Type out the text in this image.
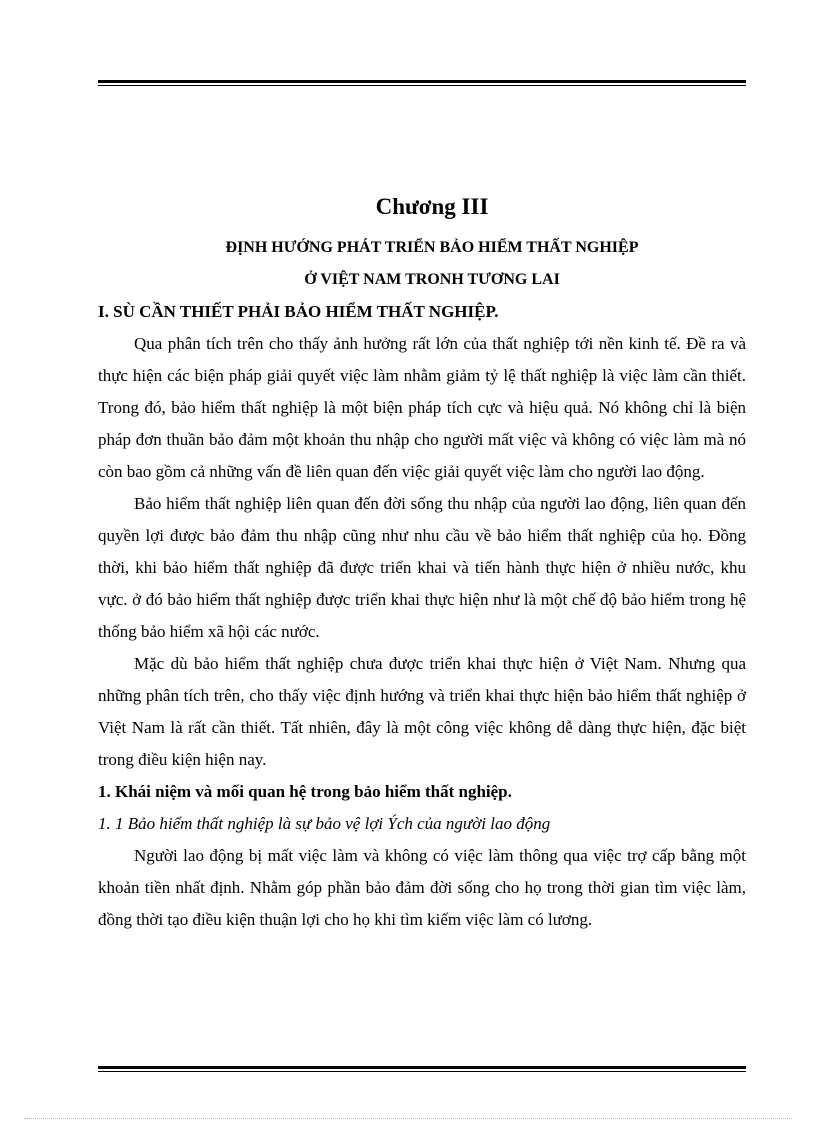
Chương III
ĐỊNH HƯỚNG PHÁT TRIỂN BẢO HIỂM THẤT NGHIỆP
Ở VIỆT NAM TRONH TƯƠNG LAI
I. SÙ CẦN THIẾT PHẢI BẢO HIỂM THẤT NGHIỆP.

Qua phân tích trên cho thấy ảnh hưởng rất lớn của thất nghiệp tới nền kinh tế. Đề ra và thực hiện các biện pháp giải quyết việc làm nhằm giảm tỷ lệ thất nghiệp là việc làm cần thiết. Trong đó, bảo hiểm thất nghiệp là một biện pháp tích cực và hiệu quả. Nó không chỉ là biện pháp đơn thuần bảo đảm một khoản thu nhập cho người mất việc và không có việc làm mà nó còn bao gồm cả những vấn đề liên quan đến việc giải quyết việc làm cho người lao động.

Bảo hiểm thất nghiệp liên quan đến đời sống thu nhập của người lao động, liên quan đến quyền lợi được bảo đảm thu nhập cũng như nhu cầu về bảo hiểm thất nghiệp của họ. Đồng thời, khi bảo hiểm thất nghiệp đã được triển khai và tiến hành thực hiện ở nhiều nước, khu vực. ở đó bảo hiểm thất nghiệp được triển khai thực hiện như là một chế độ bảo hiểm trong hệ thống bảo hiểm xã hội các nước.

Mặc dù bảo hiểm thất nghiệp chưa được triển khai thực hiện ở Việt Nam. Nhưng qua những phân tích trên, cho thấy việc định hướng và triển khai thực hiện bảo hiểm thất nghiệp ở Việt Nam là rất cần thiết. Tất nhiên, đây là một công việc không dễ dàng thực hiện, đặc biệt trong điều kiện hiện nay.

1. Khái niệm và mối quan hệ trong bảo hiểm thất nghiệp.
1. 1 Bảo hiểm thất nghiệp là sự bảo vệ lợi Ých của người lao động

Người lao động bị mất việc làm và không có việc làm thông qua việc trợ cấp bằng một khoản tiền nhất định. Nhằm góp phần bảo đảm đời sống cho họ trong thời gian tìm việc làm, đồng thời tạo điều kiện thuận lợi cho họ khi tìm kiếm việc làm có lương.
